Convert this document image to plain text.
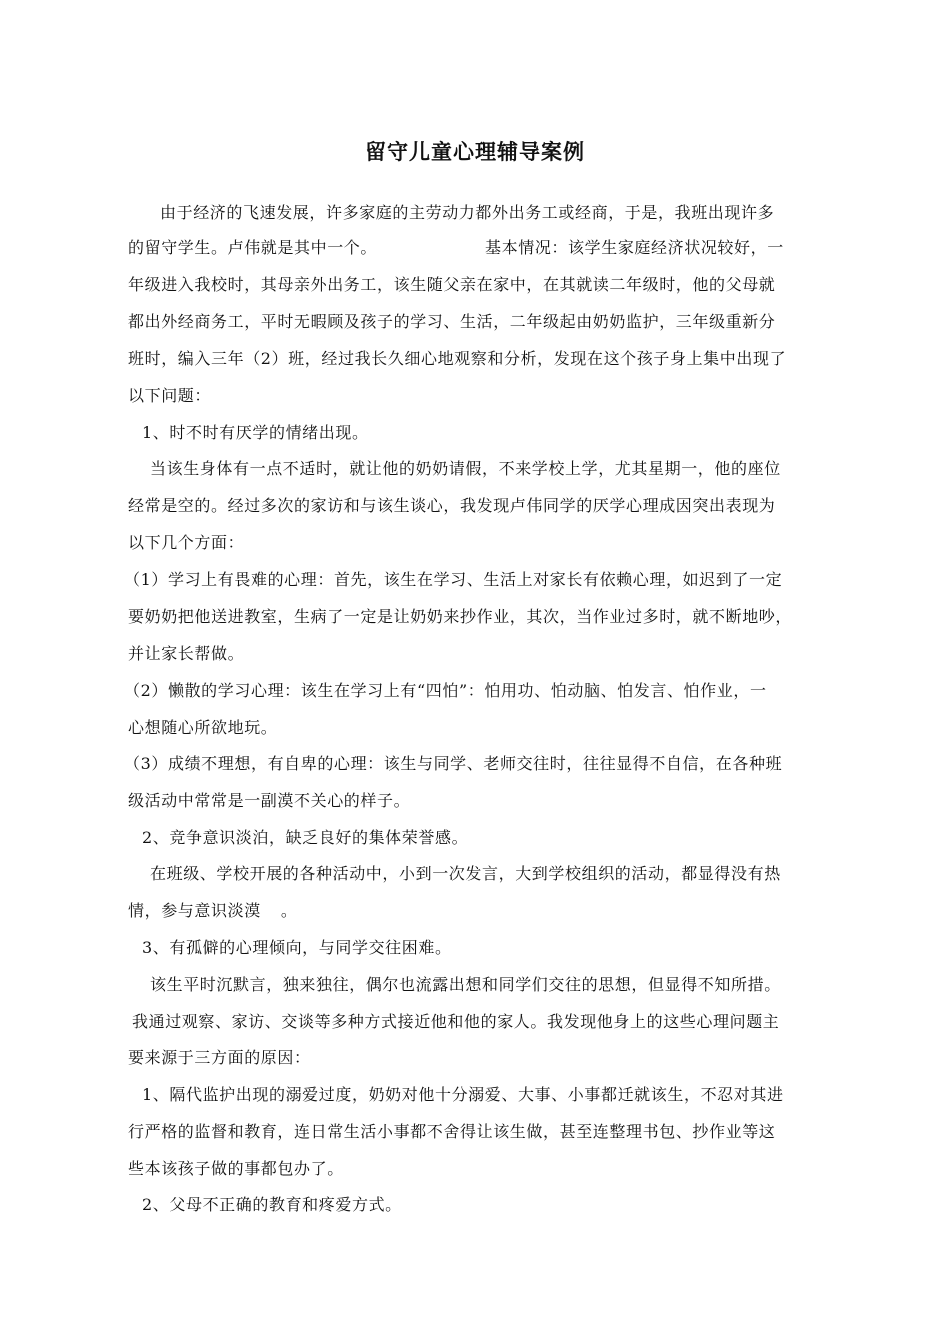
留守儿童心理辅导案例
由于经济的飞速发展，许多家庭的主劳动力都外出务工或经商，于是，我班出现许多
的留守学生。卢伟就是其中一个。	基本情况：该学生家庭经济状况较好，一
年级进入我校时，其母亲外出务工，该生随父亲在家中，在其就读二年级时，他的父母就
都出外经商务工，平时无暇顾及孩子的学习、生活，二年级起由奶奶监护，三年级重新分
班时，编入三年（2）班，经过我长久细心地观察和分析，发现在这个孩子身上集中出现了
以下问题：
1、时不时有厌学的情绪出现。
当该生身体有一点不适时，就让他的奶奶请假，不来学校上学，尤其星期一，他的座位
经常是空的。经过多次的家访和与该生谈心，我发现卢伟同学的厌学心理成因突出表现为
以下几个方面：
（1）学习上有畏难的心理：首先，该生在学习、生活上对家长有依赖心理，如迟到了一定
要奶奶把他送进教室，生病了一定是让奶奶来抄作业，其次，当作业过多时，就不断地吵，
并让家长帮做。
（2）懒散的学习心理：该生在学习上有“四怕”：怕用功、怕动脑、怕发言、怕作业，一
心想随心所欲地玩。
（3）成绩不理想，有自卑的心理：该生与同学、老师交往时，往往显得不自信，在各种班
级活动中常常是一副漠不关心的样子。
2、竞争意识淡泊，缺乏良好的集体荣誉感。
在班级、学校开展的各种活动中，小到一次发言，大到学校组织的活动，都显得没有热
情，参与意识淡漠 。
3、有孤僻的心理倾向，与同学交往困难。
该生平时沉默言，独来独往，偶尔也流露出想和同学们交往的思想，但显得不知所措。
我通过观察、家访、交谈等多种方式接近他和他的家人。我发现他身上的这些心理问题主
要来源于三方面的原因：
1、隔代监护出现的溺爱过度，奶奶对他十分溺爱、大事、小事都迁就该生，不忍对其进
行严格的监督和教育，连日常生活小事都不舍得让该生做，甚至连整理书包、抄作业等这
些本该孩子做的事都包办了。
2、父母不正确的教育和疼爱方式。
